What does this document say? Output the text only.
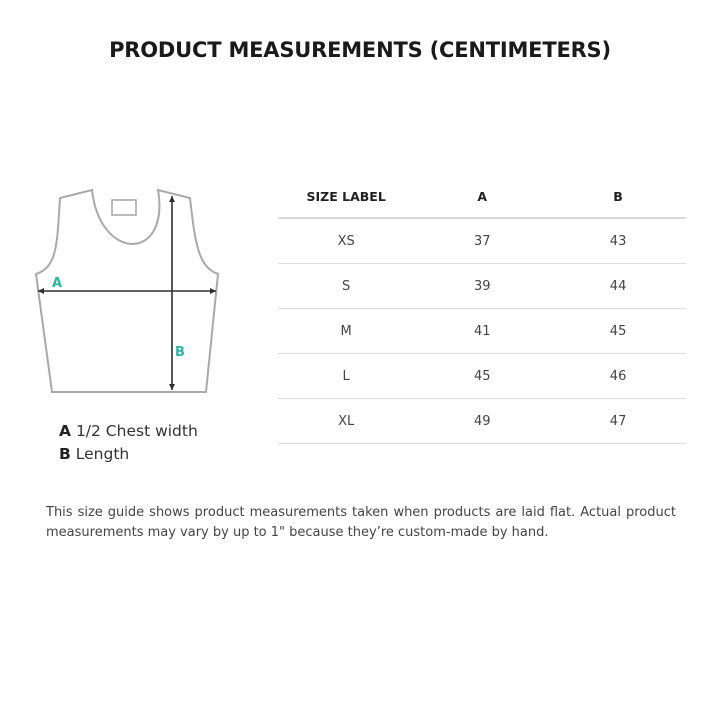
PRODUCT MEASUREMENTS (CENTIMETERS)
A
B
A 1/2 Chest width
B Length
SIZE LABEL	A	B
XS	37	43
S	39	44
M	41	45
L	45	46
XL	49	47
This size guide shows product measurements taken when products are laid flat. Actual product measurements may vary by up to 1" because they’re custom-made by hand.
